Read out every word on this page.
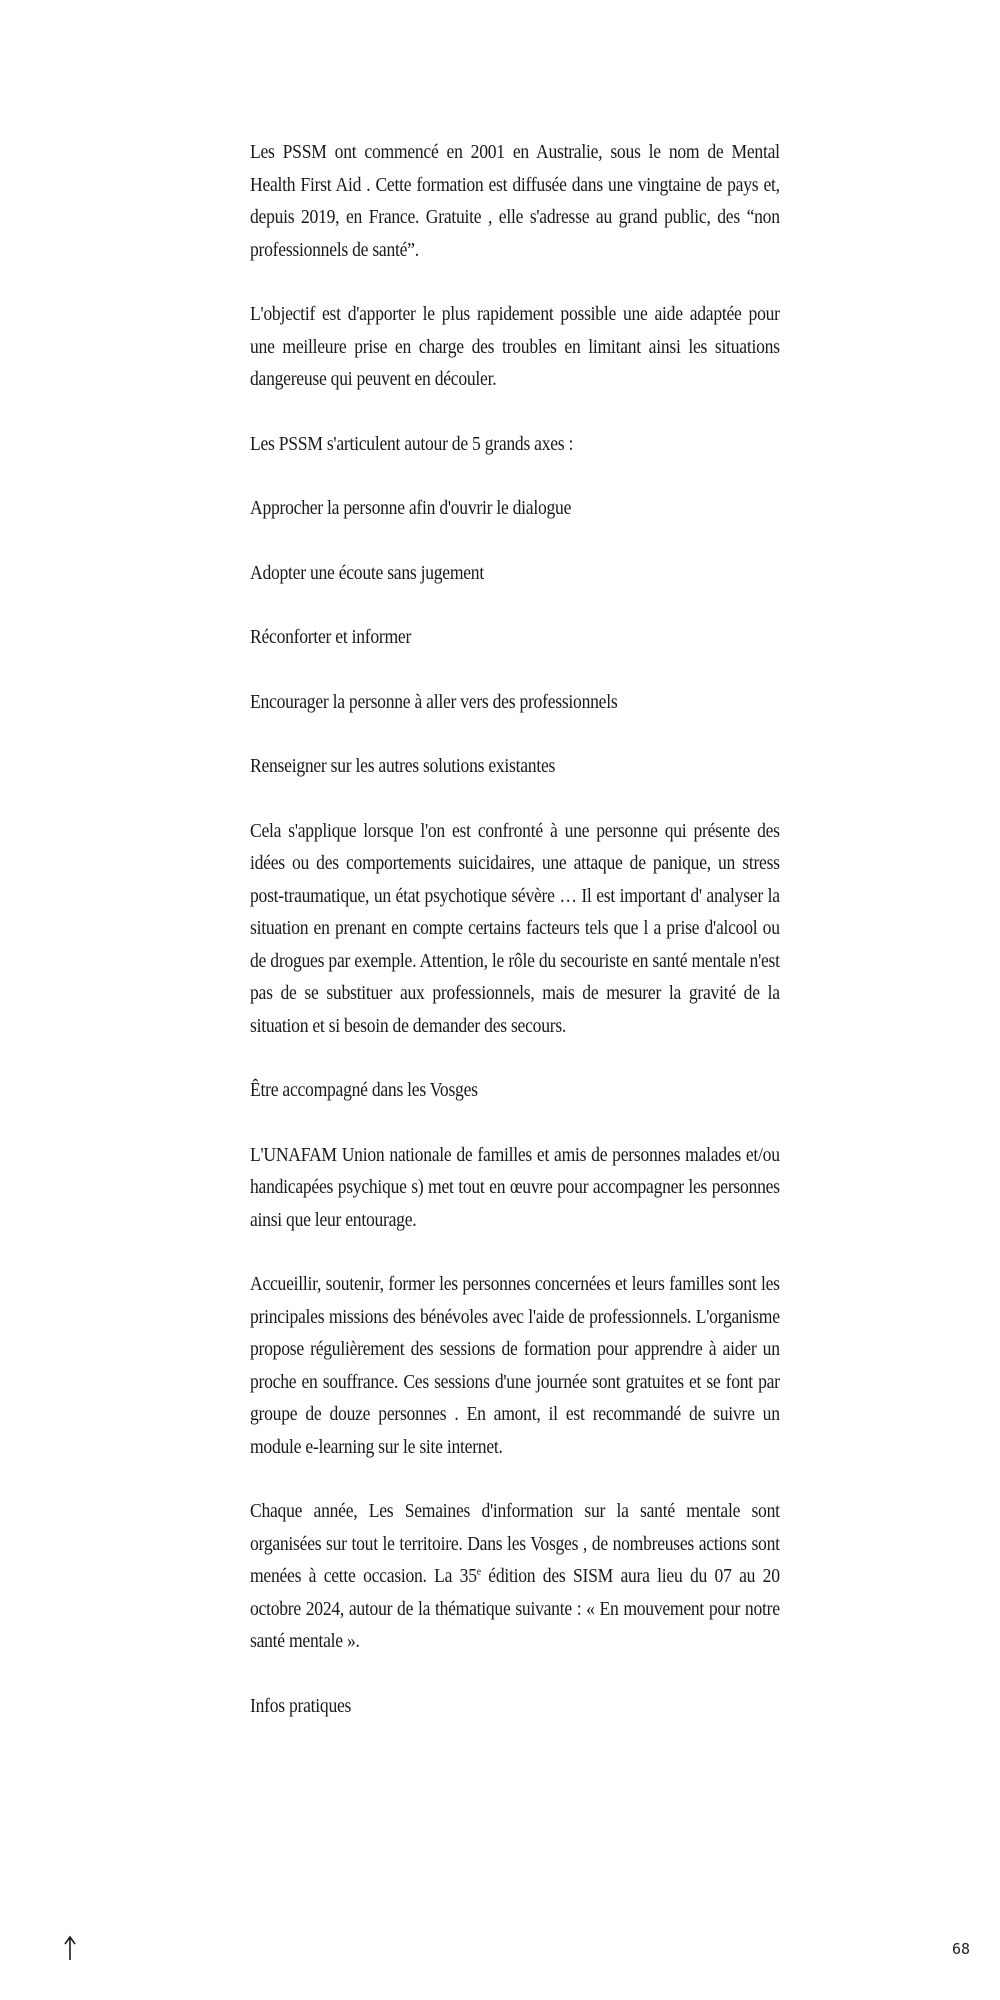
Les PSSM ont commencé en 2001 en Australie, sous le nom de Mental Health First Aid . Cette formation est diffusée dans une vingtaine de pays et, depuis 2019, en France. Gratuite , elle s'adresse au grand public, des “non professionnels de santé”.

L'objectif est d'apporter le plus rapidement possible une aide adaptée pour une meilleure prise en charge des troubles en limitant ainsi les situations dangereuse qui peuvent en découler.

Les PSSM s'articulent autour de 5 grands axes :

Approcher la personne afin d'ouvrir le dialogue

Adopter une écoute sans jugement

Réconforter et informer

Encourager la personne à aller vers des professionnels

Renseigner sur les autres solutions existantes

Cela s'applique lorsque l'on est confronté à une personne qui présente des idées ou des comportements suicidaires, une attaque de panique, un stress post-traumatique, un état psychotique sévère … Il est important d' analyser la situation en prenant en compte certains facteurs tels que l a prise d'alcool ou de drogues par exemple. Attention, le rôle du secouriste en santé mentale n'est pas de se substituer aux professionnels, mais de mesurer la gravité de la situation et si besoin de demander des secours.

Être accompagné dans les Vosges

L'UNAFAM Union nationale de familles et amis de personnes malades et/ou handicapées psychique s) met tout en œuvre pour accompagner les personnes ainsi que leur entourage.

Accueillir, soutenir, former les personnes concernées et leurs familles sont les principales missions des bénévoles avec l'aide de professionnels. L'organisme propose régulièrement des sessions de formation pour apprendre à aider un proche en souffrance. Ces sessions d'une journée sont gratuites et se font par groupe de douze personnes . En amont, il est recommandé de suivre un module e-learning sur le site internet.

Chaque année, Les Semaines d'information sur la santé mentale sont organisées sur tout le territoire. Dans les Vosges , de nombreuses actions sont menées à cette occasion. La 35e édition des SISM aura lieu du 07 au 20 octobre 2024, autour de la thématique suivante : « En mouvement pour notre santé mentale ».

Infos pratiques

68
